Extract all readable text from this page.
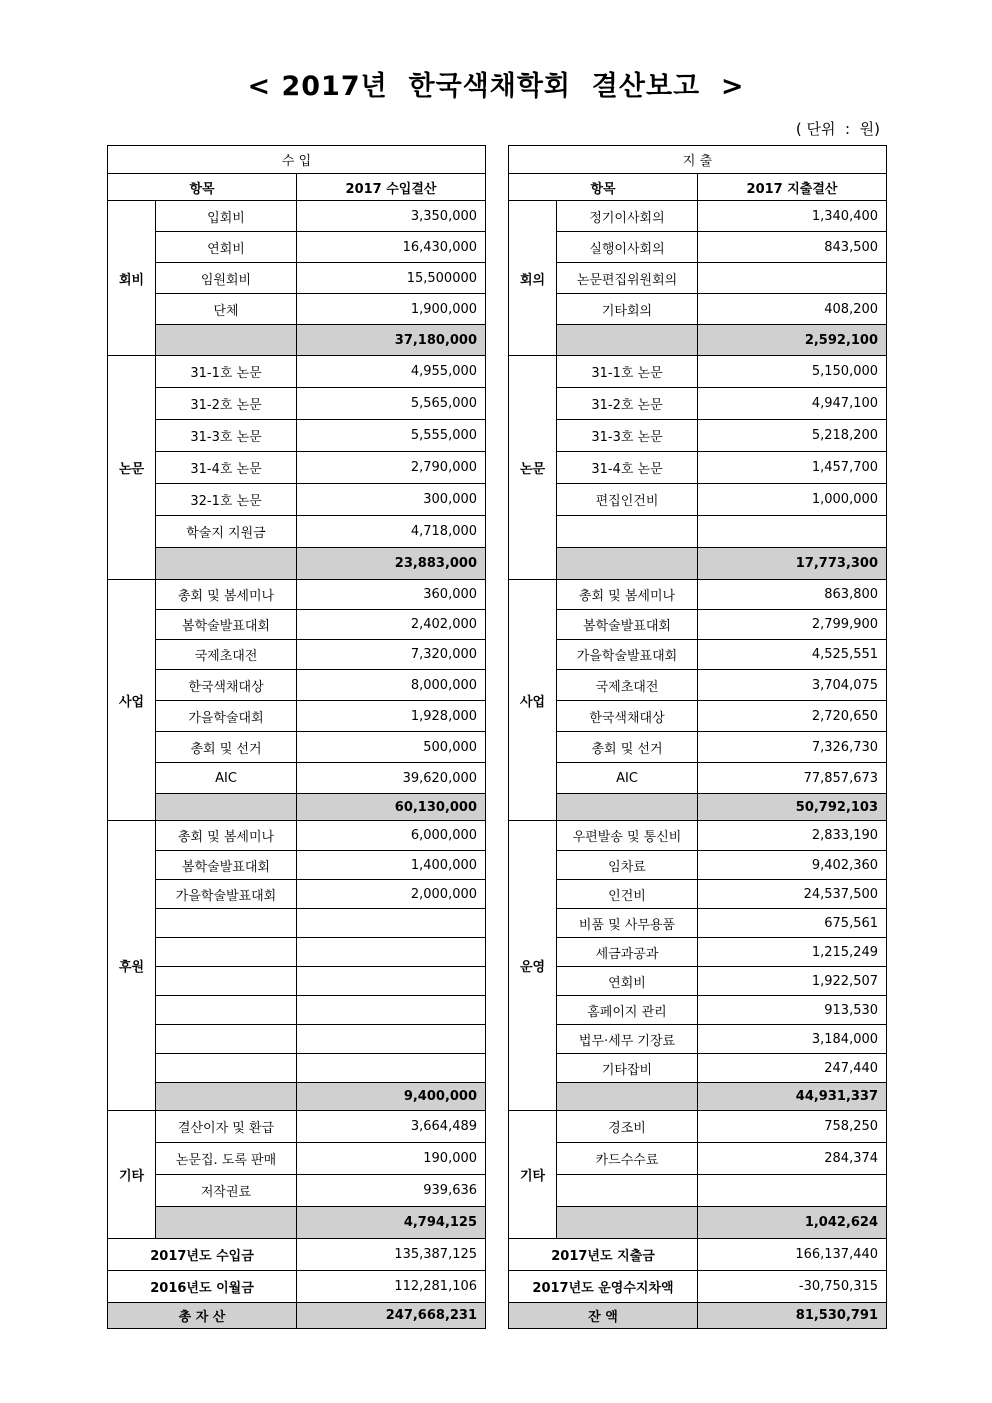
< 2017년  한국색채학회  결산보고  >
( 단위  :  원)
수 입		
항목		2017 수입결산
회비	입회비	3,350,000
	연회비	16,430,000
	임원회비	15,500000
	단체	1,900,000
		37,180,000
논문	31-1호 논문	4,955,000
	31-2호 논문	5,565,000
	31-3호 논문	5,555,000
	31-4호 논문	2,790,000
	32-1호 논문	300,000
	학술지 지원금	4,718,000
		23,883,000
사업	총회 및 봄세미나	360,000
	봄학술발표대회	2,402,000
	국제초대전	7,320,000
	한국색채대상	8,000,000
	가을학술대회	1,928,000
	총회 및 선거	500,000
	AIC	39,620,000
		60,130,000
후원	총회 및 봄세미나	6,000,000
	봄학술발표대회	1,400,000
	가을학술발표대회	2,000,000

		9,400,000
기타	결산이자 및 환급	3,664,489
	논문집. 도록 판매	190,000
	저작권료	939,636
		4,794,125
2017년도 수입금		135,387,125
2016년도 이월금		112,281,106
총 자 산		247,668,231
지 출		
항목		2017 지출결산
회의	정기이사회의	1,340,400
	실행이사회의	843,500
	논문편집위원회의	
	기타회의	408,200
		2,592,100
논문	31-1호 논문	5,150,000
	31-2호 논문	4,947,100
	31-3호 논문	5,218,200
	31-4호 논문	1,457,700
	편집인건비	1,000,000

		17,773,300
사업	총회 및 봄세미나	863,800
	봄학술발표대회	2,799,900
	가을학술발표대회	4,525,551
	국제초대전	3,704,075
	한국색채대상	2,720,650
	총회 및 선거	7,326,730
	AIC	77,857,673
		50,792,103
운영	우편발송 및 통신비	2,833,190
	임차료	9,402,360
	인건비	24,537,500
	비품 및 사무용품	675,561
	세금과공과	1,215,249
	연회비	1,922,507
	홈페이지 관리	913,530
	법무·세무 기장료	3,184,000
	기타잡비	247,440
		44,931,337
기타	경조비	758,250
	카드수수료	284,374

		1,042,624
2017년도 지출금		166,137,440
2017년도 운영수지차액		-30,750,315
잔 액		81,530,791
